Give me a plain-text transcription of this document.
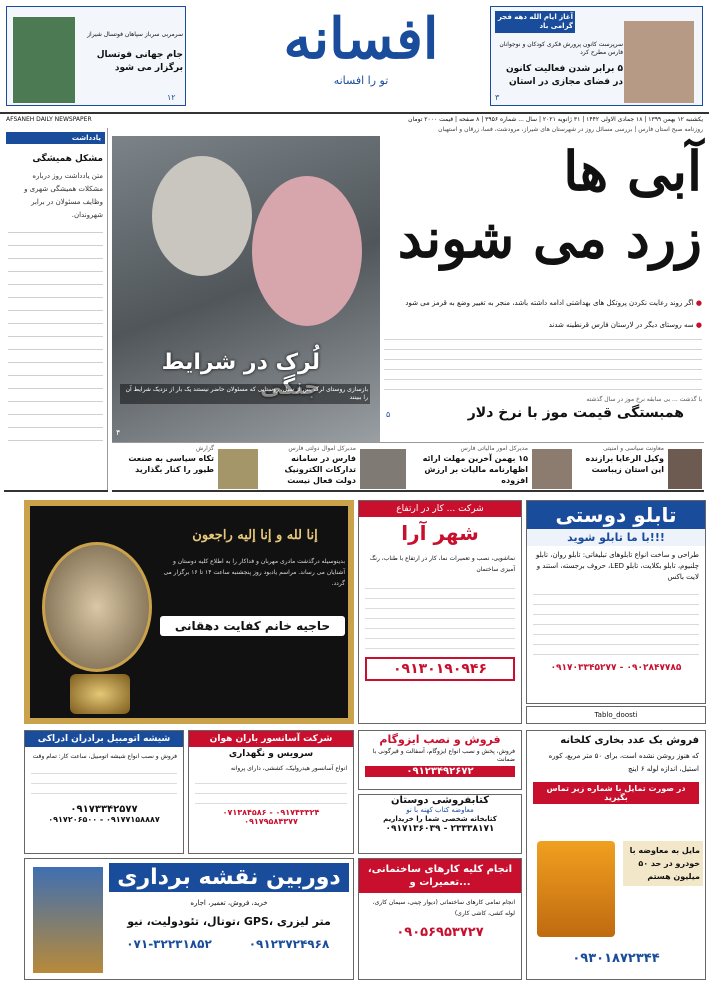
آغاز ایام الله دهه فجر گرامی باد
سرپرست کانون پرورش فکری کودکان و نوجوانان فارس مطرح کرد
۵ برابر شدن فعالیت کانون در فضای مجازی در استان
۳
افسانه
تو را افسانه
سرمربی سرباز سپاهان فوتسال شیراز
جام جهانی فوتسال برگزار می شود
۱۲
یکشنبه ۱۲ بهمن ۱۳۹۹ | ۱۸ جمادی الاولی ۱۴۴۲ | ۳۱ ژانویه ۲۰۲۱ | سال ... شماره ۳۹۵۶ | ۸ صفحه | قیمت ۲۰۰۰ تومان
AFSANEH DAILY NEWSPAPER
روزنامه صبح استان فارس | بررسی مسائل روز در شهرستان های شیراز، مرودشت، فسا، زرقان و استهبان
یادداشت
مشکل همیشگی
متن یادداشت روز درباره مشکلات همیشگی شهری و وظایف مسئولان در برابر شهروندان.
لُرک در شرایط جنگی
بازسازی روستای لرک پس از سیل، روستایی که مسئولان حاضر نیستند یک بار از نزدیک شرایط آن را ببینند
۴
آبی ها
زرد می شوند
● اگر روند رعایت نکردن پروتکل های بهداشتی ادامه داشته باشد، منجر به تغییر وضع به قرمز می شود
● سه روستای دیگر در لارستان فارس قرنطینه شدند
با گذشت ... بی سابقه نرخ موز در سال گذشته
همبستگی قیمت موز با نرخ دلار
۵
وکیل الرعایا برازنده این استان زیباست
معاونت سیاسی و امنیتی
۱۵ بهمن آخرین مهلت ارائه اظهارنامه مالیات بر ارزش افزوده
مدیرکل امور مالیاتی فارس
فارس در سامانه تدارکات الکترونیک دولت فعال نیست
مدیرکل اموال دولتی فارس
تکاه سیاسی به صنعت طیور را کنار بگذارید
گزارش
إنا لله و إنا إلیه راجعون
بدینوسیله درگذشت مادری مهربان و فداکار را به اطلاع کلیه دوستان و آشنایان می رساند. مراسم یادبود روز پنجشنبه ساعت ۱۴ تا ۱۶ برگزار می گردد.
حاجیه خانم کفایت دهقانی
شرکت ... کار در ارتفاع
شهر آرا
نماشویی، نصب و تعمیرات نما، کار در ارتفاع با طناب، رنگ آمیزی ساختمان
۰۹۱۳۰۱۹۰۹۴۶
تابلو دوستی
با ما تابلو شوید!!!
طراحی و ساخت انواع تابلوهای تبلیغاتی: تابلو روان، تابلو چلنیوم، تابلو بکلایت، تابلو LED، حروف برجسته، استند و لایت باکس
۰۹۱۷۰۳۳۴۵۲۷۷ - ۰۹۰۲۸۴۷۷۸۵
Tablo_doosti
شیشه اتومبیل برادران ادراکی
فروش و نصب انواع شیشه اتومبیل، ساعت کار: تمام وقت
۰۹۱۷۳۳۴۲۵۷۷
۰۹۱۷۲۰۶۵۰۰ - ۰۹۱۷۷۱۵۸۸۸۷
شرکت آسانسور باران هوان
سرویس و نگهداری
انواع آسانسور هیدرولیک، کششی، دارای پروانه
۰۷۱۳۸۴۵۸۶ - ۰۹۱۷۴۳۳۲۴
۰۹۱۷۹۵۸۴۳۷۷
فروش و نصب ایزوگام
فروش، پخش و نصب انواع ایزوگام، آسفالت و قیرگونی با ضمانت
۰۹۱۲۳۴۹۲۶۷۲
کتابفروشی دوستان
معاوضه کتاب کهنه با نو
کتابخانه شخصی شما را خریداریم
۰۹۱۷۱۳۶۰۳۹ - ۲۳۳۳۸۱۷۱
فروش یک عدد بخاری کلخانه
که هنوز روشن نشده است، برای ۵۰ متر مربع، کوره استیل، اندازه لوله ۶ اینچ
در صورت تمایل با شماره زیر تماس بگیرید
مایل به معاوضه با خودرو در حد ۵۰ میلیون هستم
۰۹۳۰۱۸۷۲۳۴۴
دوربین نقشه برداری
خرید، فروش، تعمیر، اجاره
توتال، تئودولیت، نیو، GPS، متر لیزری
۰۷۱-۳۲۲۳۱۸۵۲	۰۹۱۲۳۷۲۴۹۶۸
انجام کلیه کارهای ساختمانی، تعمیرات و...
انجام تمامی کارهای ساختمانی (دیوار چینی، سیمان کاری، لوله کشی، کاشی کاری)
۰۹۰۵۶۹۵۳۷۲۷
